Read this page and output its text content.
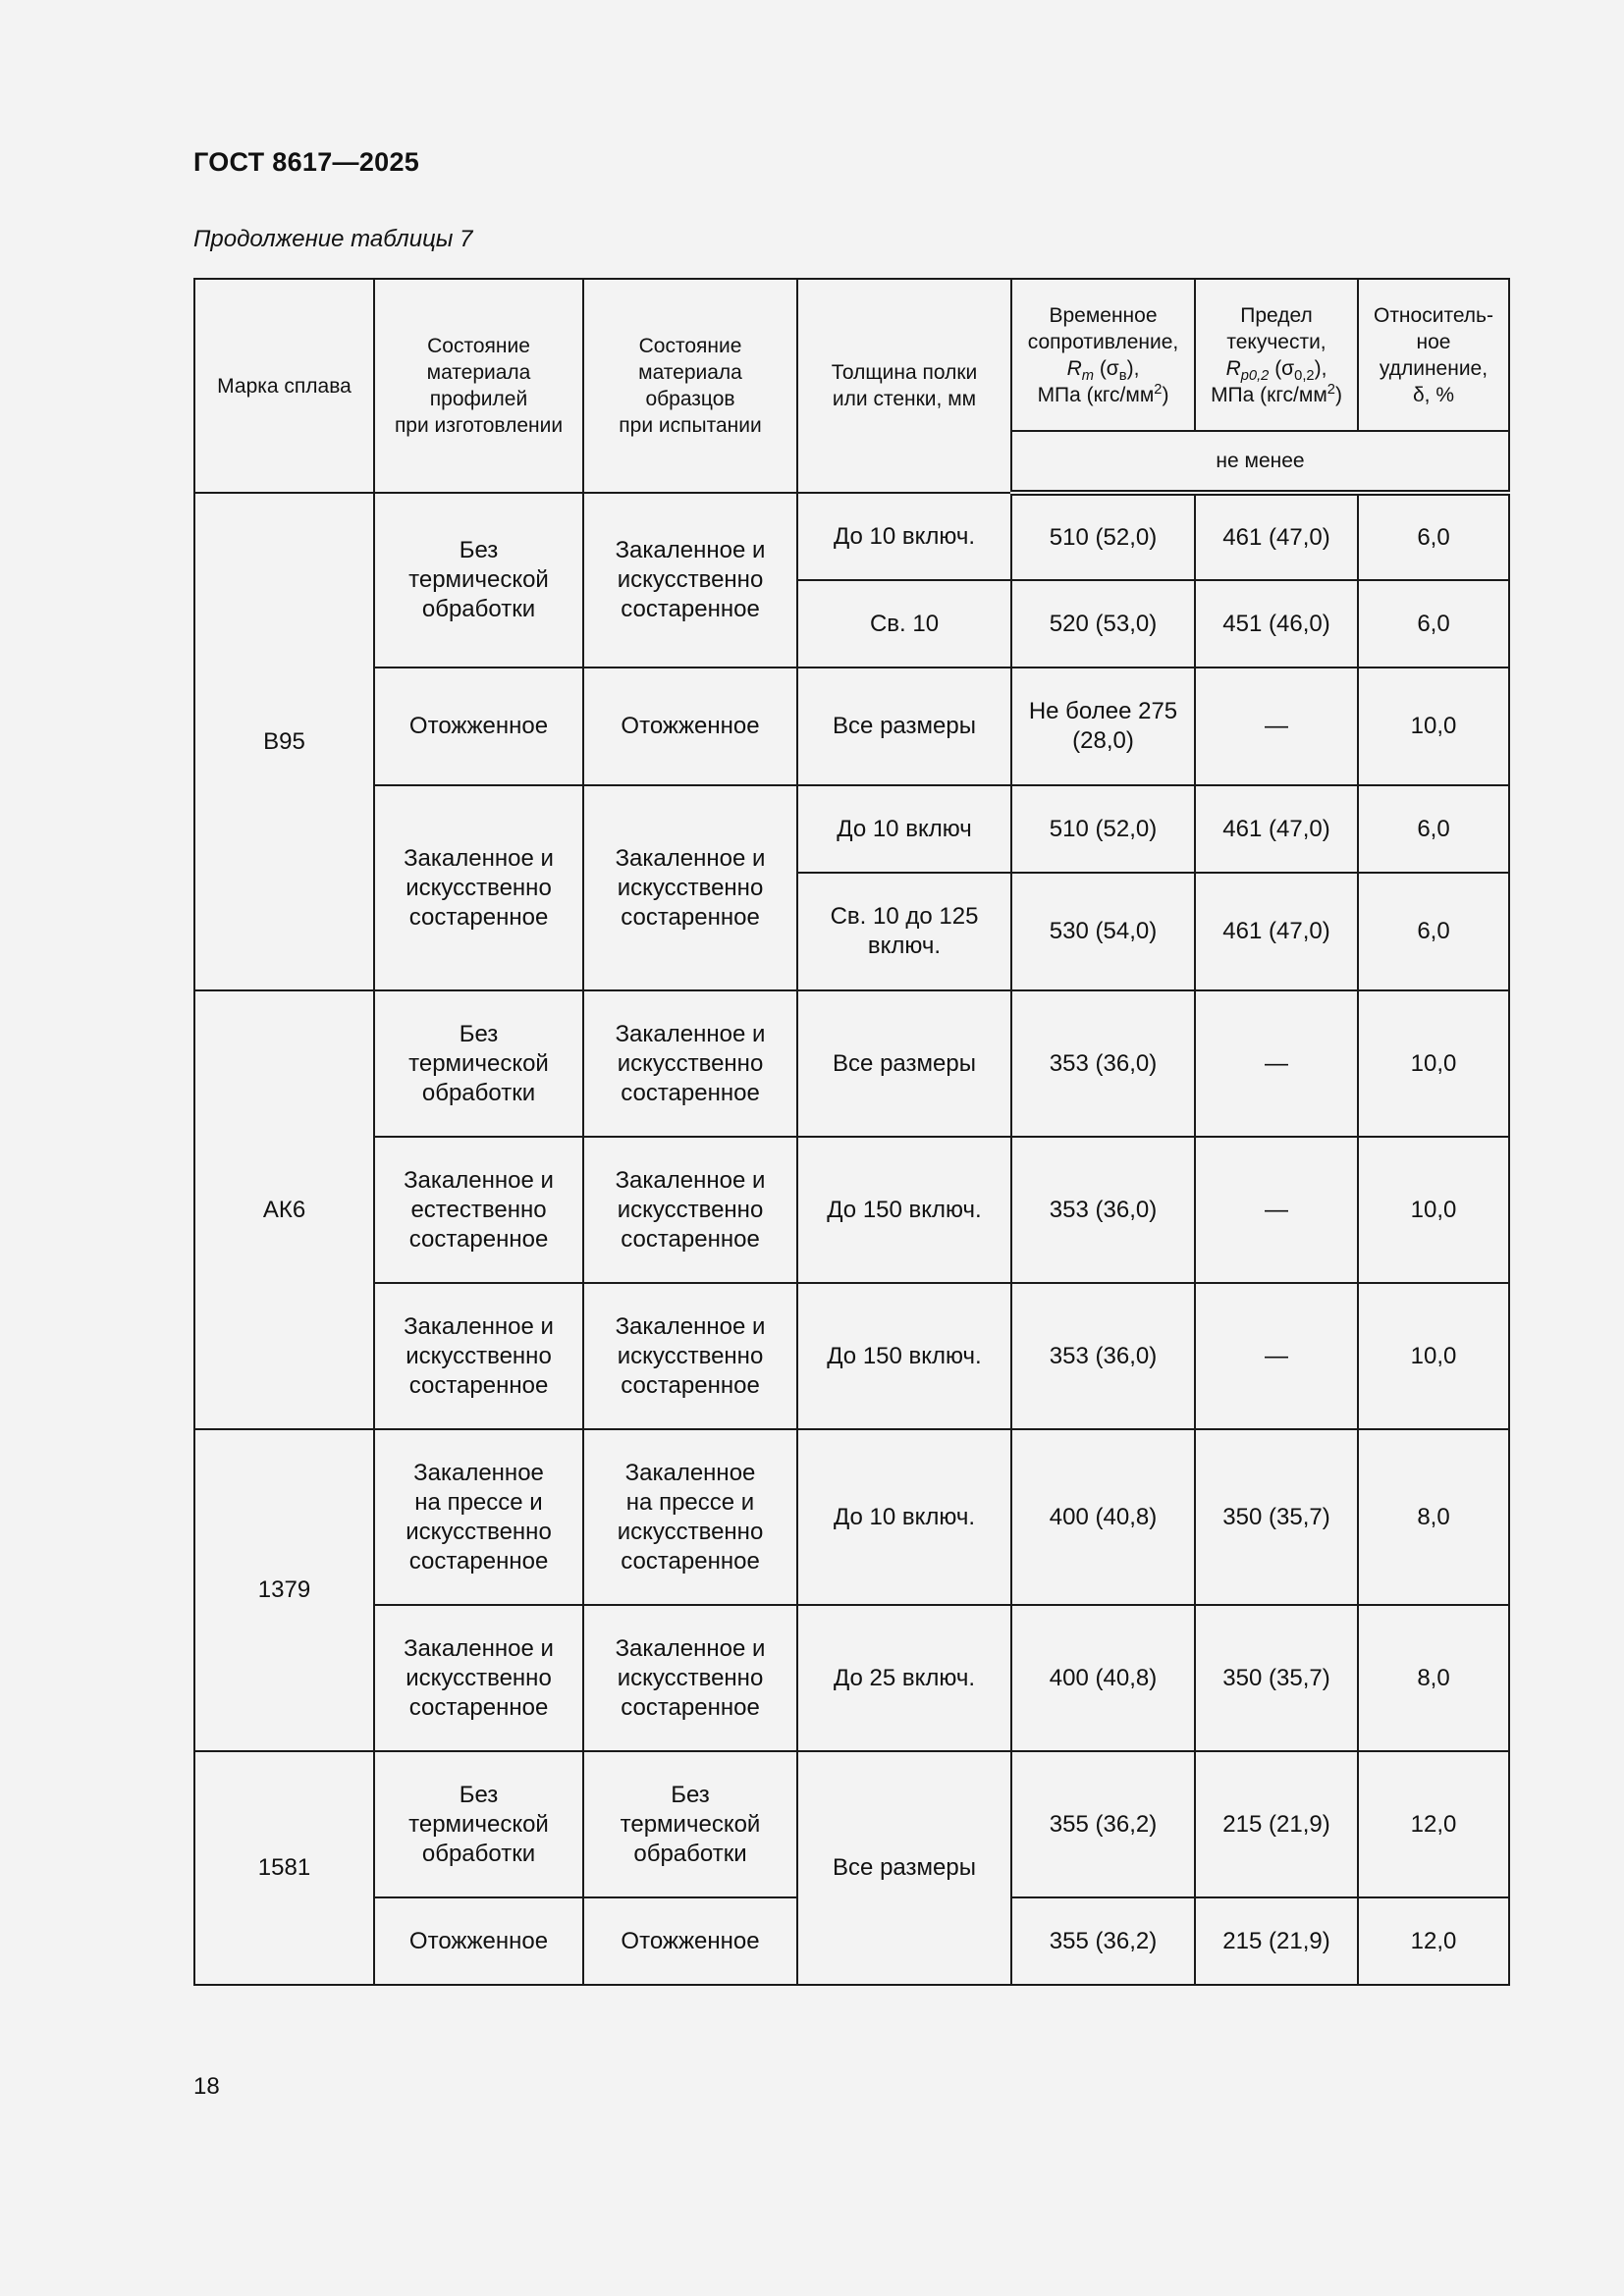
ГОСТ 8617—2025
Продолжение таблицы 7
Марка сплава	Состояние
материала
профилей
при изготовлении	Состояние
материала
образцов
при испытании	Толщина полки
или стенки, мм	Временное
сопротивление,
$R_m$ $(\sigma_в)$,
МПа $(кгс/мм^2)$	Предел
текучести,
$R_{p0,2}$ $(\sigma_{0,2})$,
МПа $(кгс/мм^2)$	Относитель-
ное
удлинение,
δ, %
				не менее		
В95	Без
термической
обработки	Закаленное и
искусственно
состаренное	До 10 включ.	510 (52,0)	461 (47,0)	6,0
			Св. 10	520 (53,0)	451 (46,0)	6,0
	Отожженное	Отожженное	Все размеры	Не более 275
(28,0)	—	10,0
	Закаленное и
искусственно
состаренное	Закаленное и
искусственно
состаренное	До 10 включ	510 (52,0)	461 (47,0)	6,0
			Св. 10 до 125
включ.	530 (54,0)	461 (47,0)	6,0
АК6	Без
термической
обработки	Закаленное и
искусственно
состаренное	Все размеры	353 (36,0)	—	10,0
	Закаленное и
естественно
состаренное	Закаленное и
искусственно
состаренное	До 150 включ.	353 (36,0)	—	10,0
	Закаленное и
искусственно
состаренное	Закаленное и
искусственно
состаренное	До 150 включ.	353 (36,0)	—	10,0
1379	Закаленное
на прессе и
искусственно
состаренное	Закаленное
на прессе и
искусственно
состаренное	До 10 включ.	400 (40,8)	350 (35,7)	8,0
	Закаленное и
искусственно
состаренное	Закаленное и
искусственно
состаренное	До 25 включ.	400 (40,8)	350 (35,7)	8,0
1581	Без
термической
обработки	Без
термической
обработки	Все размеры	355 (36,2)	215 (21,9)	12,0
	Отожженное	Отожженное		355 (36,2)	215 (21,9)	12,0
18
